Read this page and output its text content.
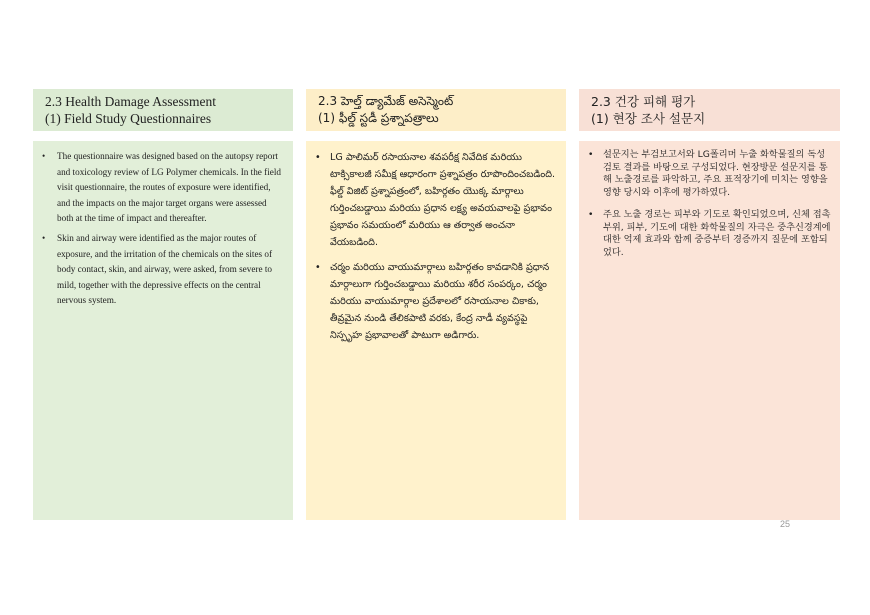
2.3 Health Damage Assessment
(1) Field Study Questionnaires
• The questionnaire was designed based on the autopsy report and toxicology review of LG Polymer chemicals. In the field visit questionnaire, the routes of exposure were identified, and the impacts on the major target organs were assessed both at the time of impact and thereafter.
• Skin and airway were identified as the major routes of exposure, and the irritation of the chemicals on the sites of body contact, skin, and airway, were asked, from severe to mild, together with the depressive effects on the central nervous system.
2.3 హెల్త్ డ్యామేజ్ అసెస్మెంట్
(1) ఫీల్డ్ స్టడీ ప్రశ్నాపత్రాలు
• LG పాలిమర్ రసాయనాల శవపరీక్ష నివేదిక మరియు టాక్సికాలజీ సమీక్ష ఆధారంగా ప్రశ్నాపత్రం రూపొందించబడింది. ఫీల్డ్ విజిట్ ప్రశ్నాపత్రంలో, బహిర్గతం యొక్క మార్గాలు గుర్తించబడ్డాయి మరియు ప్రధాన లక్ష్య అవయవాలపై ప్రభావం ప్రభావం సమయంలో మరియు ఆ తర్వాత అంచనా వేయబడింది.
• చర్మం మరియు వాయుమార్గాలు బహిర్గతం కావడానికి ప్రధాన మార్గాలుగా గుర్తించబడ్డాయి మరియు శరీర సంపర్కం, చర్మం మరియు వాయుమార్గాల ప్రదేశాలలో రసాయనాల చికాకు, తీవ్రమైన నుండి తేలికపాటి వరకు, కేంద్ర నాడీ వ్యవస్థపై నిస్పృహ ప్రభావాలతో పాటుగా అడిగారు.
2.3 건강 피해 평가
(1) 현장 조사 설문지
• 설문지는 부검보고서와 LG폴리머 누출 화학물질의 독성검토 결과를 바탕으로 구성되었다. 현장방문 설문지를 통해 노출경로를 파악하고, 주요 표적장기에 미치는 영향을 영향 당시와 이후에 평가하였다.
• 주요 노출 경로는 피부와 기도로 확인되었으며, 신체 접촉 부위, 피부, 기도에 대한 화학물질의 자극은 중추신경계에 대한 억제 효과와 함께 중증부터 경증까지 질문에 포함되었다.
25
